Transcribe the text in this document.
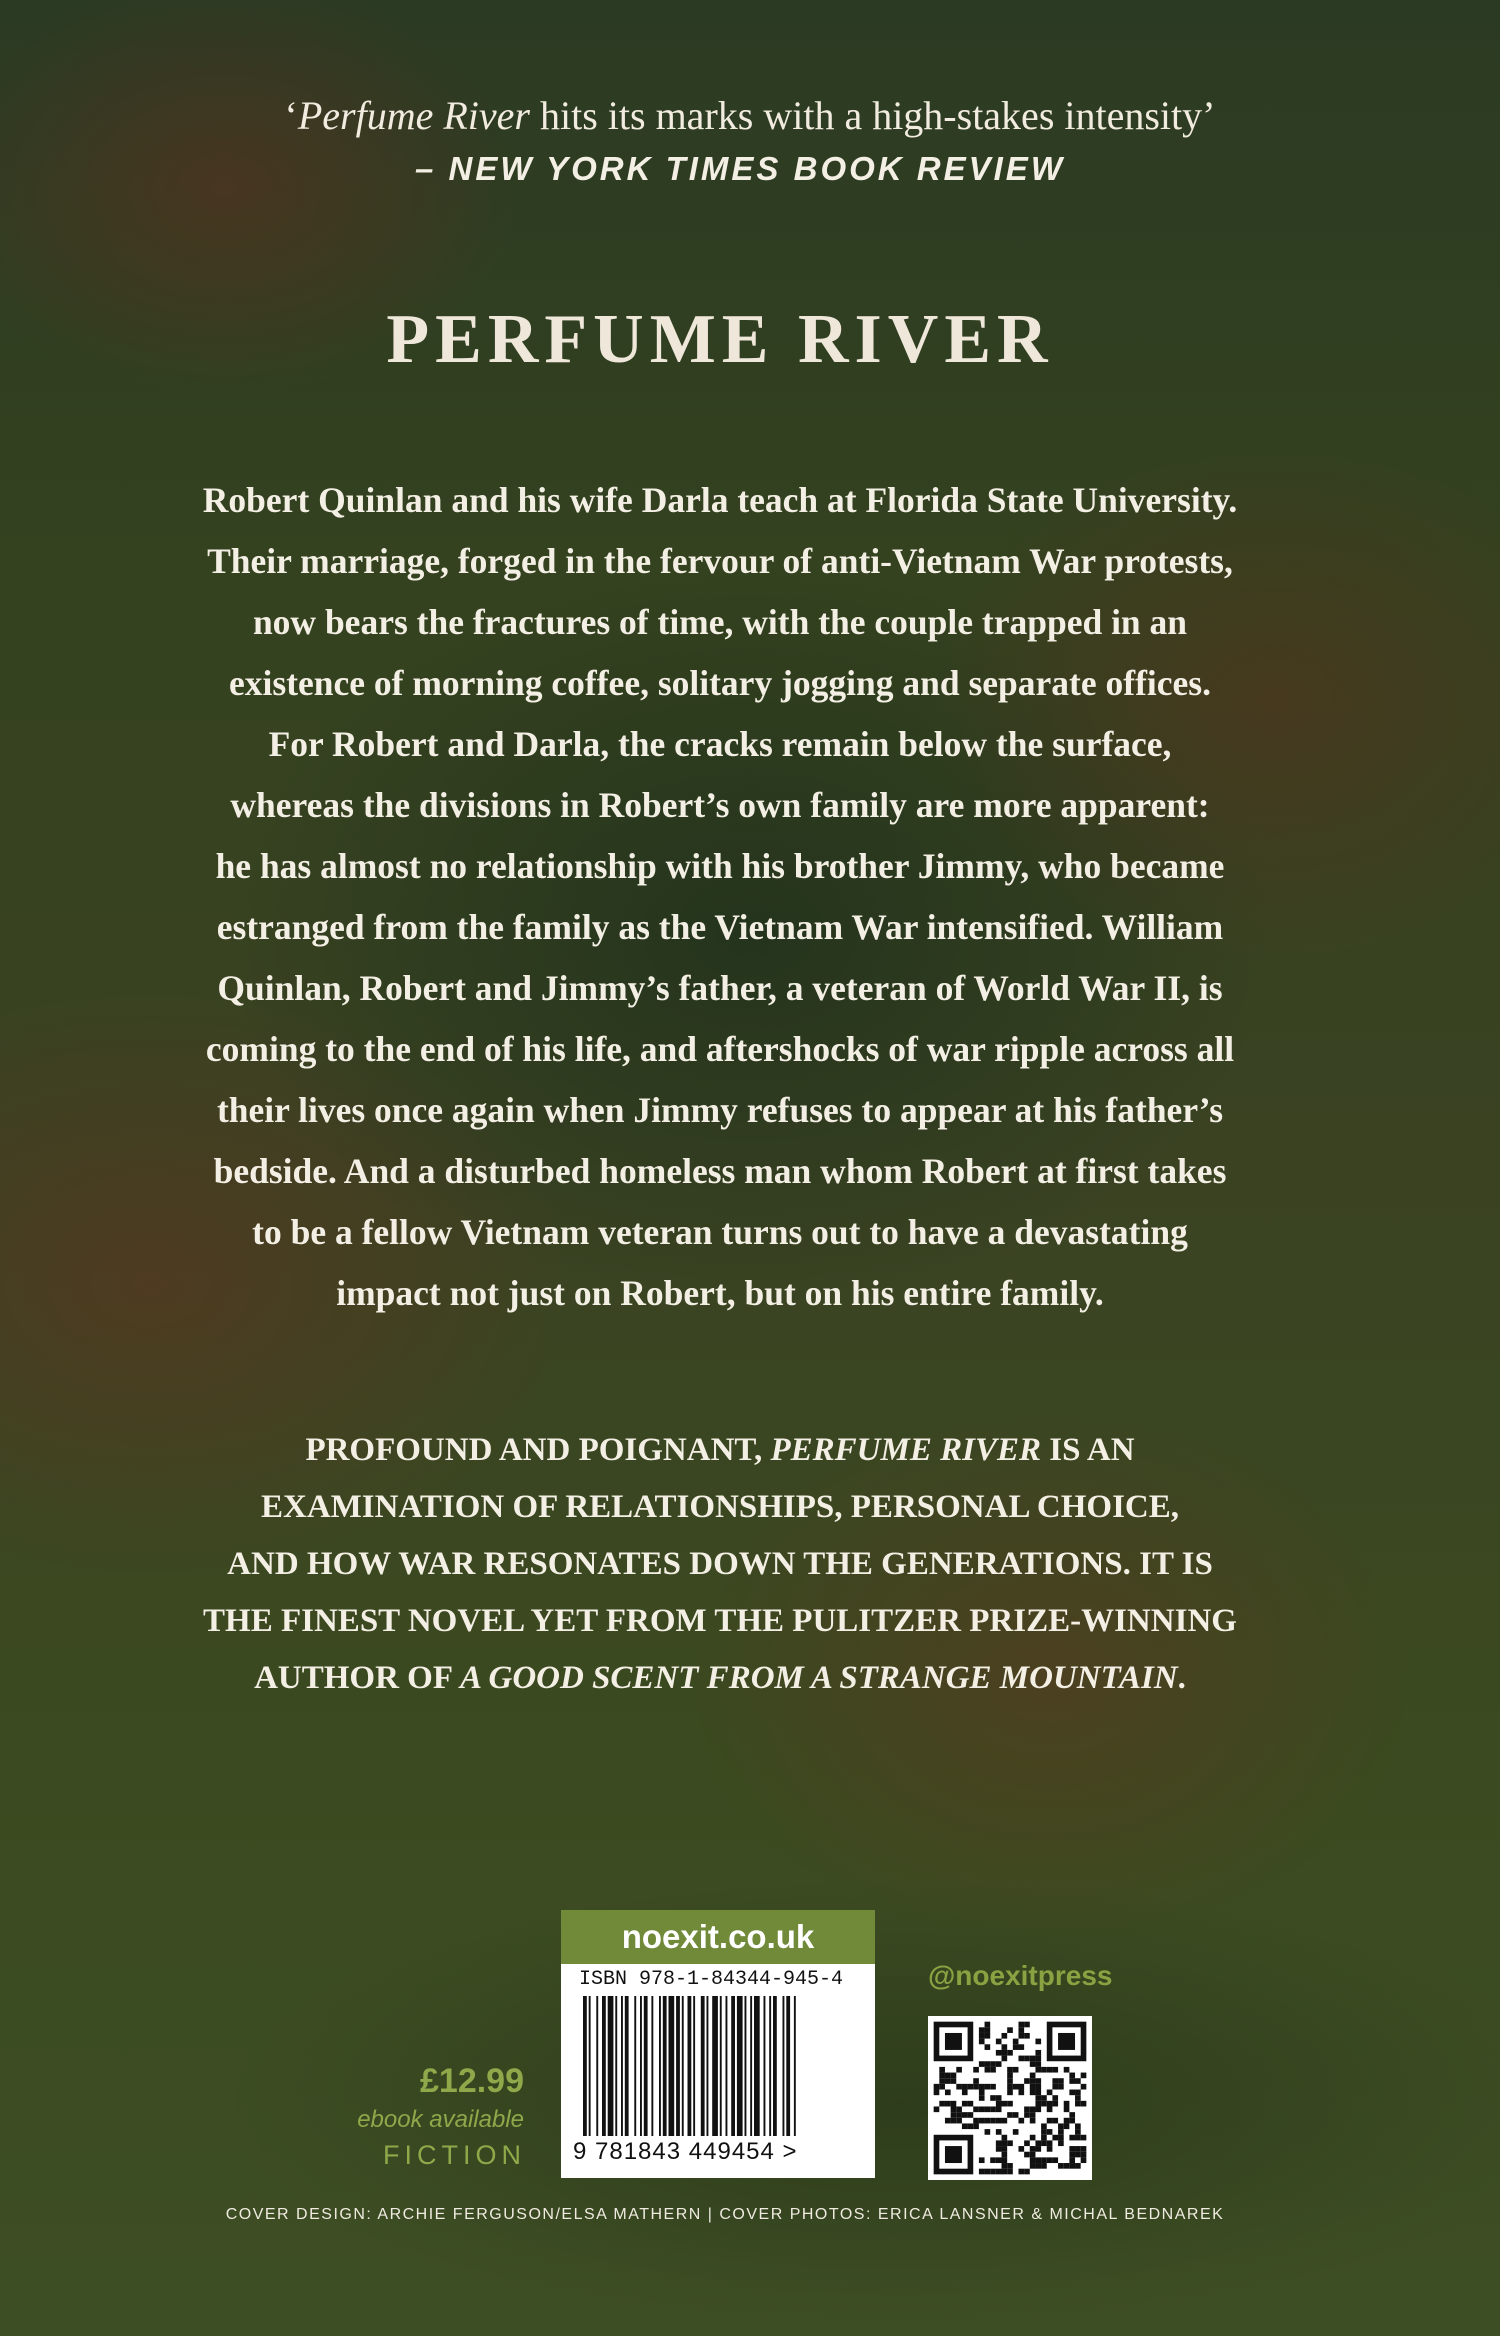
‘Perfume River hits its marks with a high-stakes intensity’
– NEW YORK TIMES BOOK REVIEW
PERFUME RIVER
Robert Quinlan and his wife Darla teach at Florida State University.
Their marriage, forged in the fervour of anti-Vietnam War protests,
now bears the fractures of time, with the couple trapped in an
existence of morning coffee, solitary jogging and separate offices.
For Robert and Darla, the cracks remain below the surface,
whereas the divisions in Robert’s own family are more apparent:
he has almost no relationship with his brother Jimmy, who became
estranged from the family as the Vietnam War intensified. William
Quinlan, Robert and Jimmy’s father, a veteran of World War II, is
coming to the end of his life, and aftershocks of war ripple across all
their lives once again when Jimmy refuses to appear at his father’s
bedside. And a disturbed homeless man whom Robert at first takes
to be a fellow Vietnam veteran turns out to have a devastating
impact not just on Robert, but on his entire family.
PROFOUND AND POIGNANT, PERFUME RIVER IS AN
EXAMINATION OF RELATIONSHIPS, PERSONAL CHOICE,
AND HOW WAR RESONATES DOWN THE GENERATIONS. IT IS
THE FINEST NOVEL YET FROM THE PULITZER PRIZE-WINNING
AUTHOR OF A GOOD SCENT FROM A STRANGE MOUNTAIN.
noexit.co.uk
ISBN 978-1-84344-945-4
9 781843 449454 >
@noexitpress
£12.99
ebook available
FICTION
COVER DESIGN: ARCHIE FERGUSON/ELSA MATHERN | COVER PHOTOS: ERICA LANSNER & MICHAL BEDNAREK
